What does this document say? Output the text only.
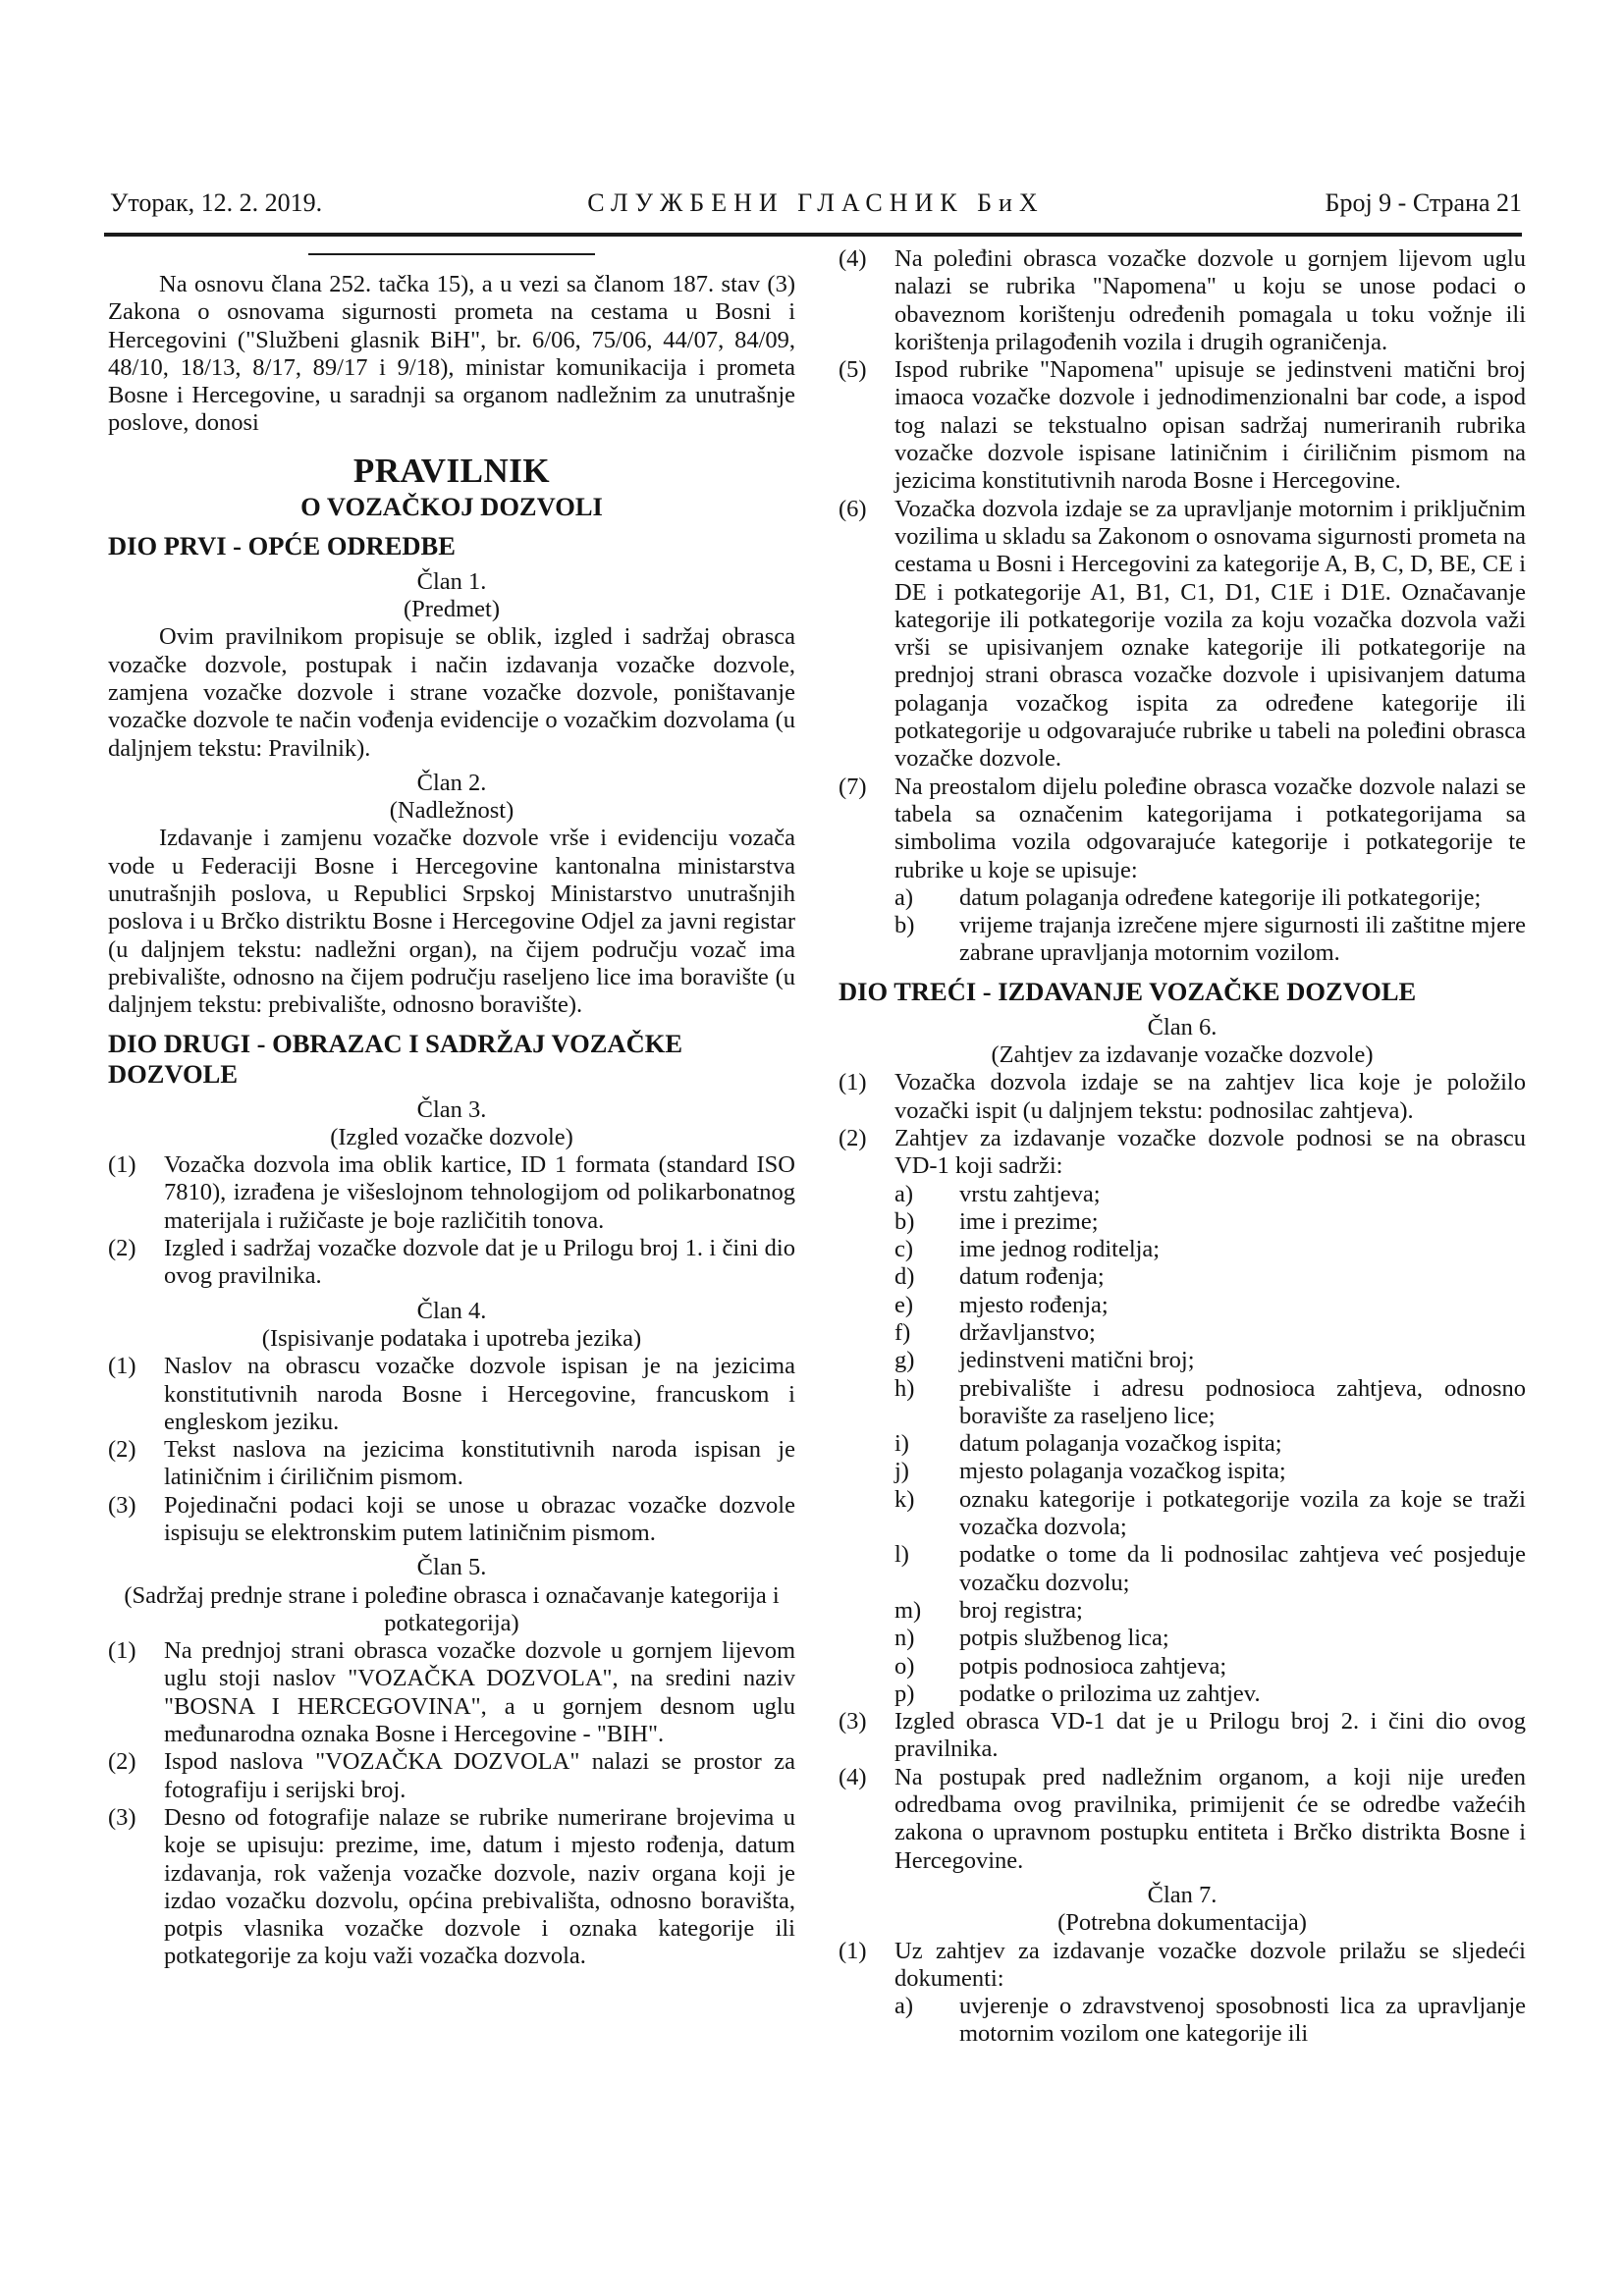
Уторак, 12. 2. 2019.	СЛУЖБЕНИ ГЛАСНИК БиХ	Број 9 - Страна 21
Na osnovu člana 252. tačka 15), a u vezi sa članom 187. stav (3) Zakona o osnovama sigurnosti prometa na cestama u Bosni i Hercegovini ("Službeni glasnik BiH", br. 6/06, 75/06, 44/07, 84/09, 48/10, 18/13, 8/17, 89/17 i 9/18), ministar komunikacija i prometa Bosne i Hercegovine, u saradnji sa organom nadležnim za unutrašnje poslove, donosi
PRAVILNIK
O VOZAČKOJ DOZVOLI
DIO PRVI - OPĆE ODREDBE
Član 1.
(Predmet)
Ovim pravilnikom propisuje se oblik, izgled i sadržaj obrasca vozačke dozvole, postupak i način izdavanja vozačke dozvole, zamjena vozačke dozvole i strane vozačke dozvole, poništavanje vozačke dozvole te način vođenja evidencije o vozačkim dozvolama (u daljnjem tekstu: Pravilnik).
Član 2.
(Nadležnost)
Izdavanje i zamjenu vozačke dozvole vrše i evidenciju vozača vode u Federaciji Bosne i Hercegovine kantonalna ministarstva unutrašnjih poslova, u Republici Srpskoj Ministarstvo unutrašnjih poslova i u Brčko distriktu Bosne i Hercegovine Odjel za javni registar (u daljnjem tekstu: nadležni organ), na čijem području vozač ima prebivalište, odnosno na čijem području raseljeno lice ima boravište (u daljnjem tekstu: prebivalište, odnosno boravište).
DIO DRUGI - OBRAZAC I SADRŽAJ VOZAČKE DOZVOLE
Član 3.
(Izgled vozačke dozvole)
(1)	Vozačka dozvola ima oblik kartice, ID 1 formata (standard ISO 7810), izrađena je višeslojnom tehnologijom od polikarbonatnog materijala i ružičaste je boje različitih tonova.
(2)	Izgled i sadržaj vozačke dozvole dat je u Prilogu broj 1. i čini dio ovog pravilnika.
Član 4.
(Ispisivanje podataka i upotreba jezika)
(1)	Naslov na obrascu vozačke dozvole ispisan je na jezicima konstitutivnih naroda Bosne i Hercegovine, francuskom i engleskom jeziku.
(2)	Tekst naslova na jezicima konstitutivnih naroda ispisan je latiničnim i ćiriličnim pismom.
(3)	Pojedinačni podaci koji se unose u obrazac vozačke dozvole ispisuju se elektronskim putem latiničnim pismom.
Član 5.
(Sadržaj prednje strane i poleđine obrasca i označavanje kategorija i potkategorija)
(1)	Na prednjoj strani obrasca vozačke dozvole u gornjem lijevom uglu stoji naslov "VOZAČKA DOZVOLA", na sredini naziv "BOSNA I HERCEGOVINA", a u gornjem desnom uglu međunarodna oznaka Bosne i Hercegovine - "BIH".
(2)	Ispod naslova "VOZAČKA DOZVOLA" nalazi se prostor za fotografiju i serijski broj.
(3)	Desno od fotografije nalaze se rubrike numerirane brojevima u koje se upisuju: prezime, ime, datum i mjesto rođenja, datum izdavanja, rok važenja vozačke dozvole, naziv organa koji je izdao vozačku dozvolu, općina prebivališta, odnosno boravišta, potpis vlasnika vozačke dozvole i oznaka kategorije ili potkategorije za koju važi vozačka dozvola.
(4)	Na poleđini obrasca vozačke dozvole u gornjem lijevom uglu nalazi se rubrika "Napomena" u koju se unose podaci o obaveznom korištenju određenih pomagala u toku vožnje ili korištenja prilagođenih vozila i drugih ograničenja.
(5)	Ispod rubrike "Napomena" upisuje se jedinstveni matični broj imaoca vozačke dozvole i jednodimenzionalni bar code, a ispod tog nalazi se tekstualno opisan sadržaj numeriranih rubrika vozačke dozvole ispisane latiničnim i ćiriličnim pismom na jezicima konstitutivnih naroda Bosne i Hercegovine.
(6)	Vozačka dozvola izdaje se za upravljanje motornim i priključnim vozilima u skladu sa Zakonom o osnovama sigurnosti prometa na cestama u Bosni i Hercegovini za kategorije A, B, C, D, BE, CE i DE i potkategorije A1, B1, C1, D1, C1E i D1E. Označavanje kategorije ili potkategorije vozila za koju vozačka dozvola važi vrši se upisivanjem oznake kategorije ili potkategorije na prednjoj strani obrasca vozačke dozvole i upisivanjem datuma polaganja vozačkog ispita za određene kategorije ili potkategorije u odgovarajuće rubrike u tabeli na poleđini obrasca vozačke dozvole.
(7)	Na preostalom dijelu poleđine obrasca vozačke dozvole nalazi se tabela sa označenim kategorijama i potkategorijama sa simbolima vozila odgovarajuće kategorije i potkategorije te rubrike u koje se upisuje:
a)	datum polaganja određene kategorije ili potkategorije;
b)	vrijeme trajanja izrečene mjere sigurnosti ili zaštitne mjere zabrane upravljanja motornim vozilom.
DIO TREĆI - IZDAVANJE VOZAČKE DOZVOLE
Član 6.
(Zahtjev za izdavanje vozačke dozvole)
(1)	Vozačka dozvola izdaje se na zahtjev lica koje je položilo vozački ispit (u daljnjem tekstu: podnosilac zahtjeva).
(2)	Zahtjev za izdavanje vozačke dozvole podnosi se na obrascu VD-1 koji sadrži:
a)	vrstu zahtjeva;
b)	ime i prezime;
c)	ime jednog roditelja;
d)	datum rođenja;
e)	mjesto rođenja;
f)	državljanstvo;
g)	jedinstveni matični broj;
h)	prebivalište i adresu podnosioca zahtjeva, odnosno boravište za raseljeno lice;
i)	datum polaganja vozačkog ispita;
j)	mjesto polaganja vozačkog ispita;
k)	oznaku kategorije i potkategorije vozila za koje se traži vozačka dozvola;
l)	podatke o tome da li podnosilac zahtjeva već posjeduje vozačku dozvolu;
m)	broj registra;
n)	potpis službenog lica;
o)	potpis podnosioca zahtjeva;
p)	podatke o prilozima uz zahtjev.
(3)	Izgled obrasca VD-1 dat je u Prilogu broj 2. i čini dio ovog pravilnika.
(4)	Na postupak pred nadležnim organom, a koji nije uređen odredbama ovog pravilnika, primijenit će se odredbe važećih zakona o upravnom postupku entiteta i Brčko distrikta Bosne i Hercegovine.
Član 7.
(Potrebna dokumentacija)
(1)	Uz zahtjev za izdavanje vozačke dozvole prilažu se sljedeći dokumenti:
a)	uvjerenje o zdravstvenoj sposobnosti lica za upravljanje motornim vozilom one kategorije ili
